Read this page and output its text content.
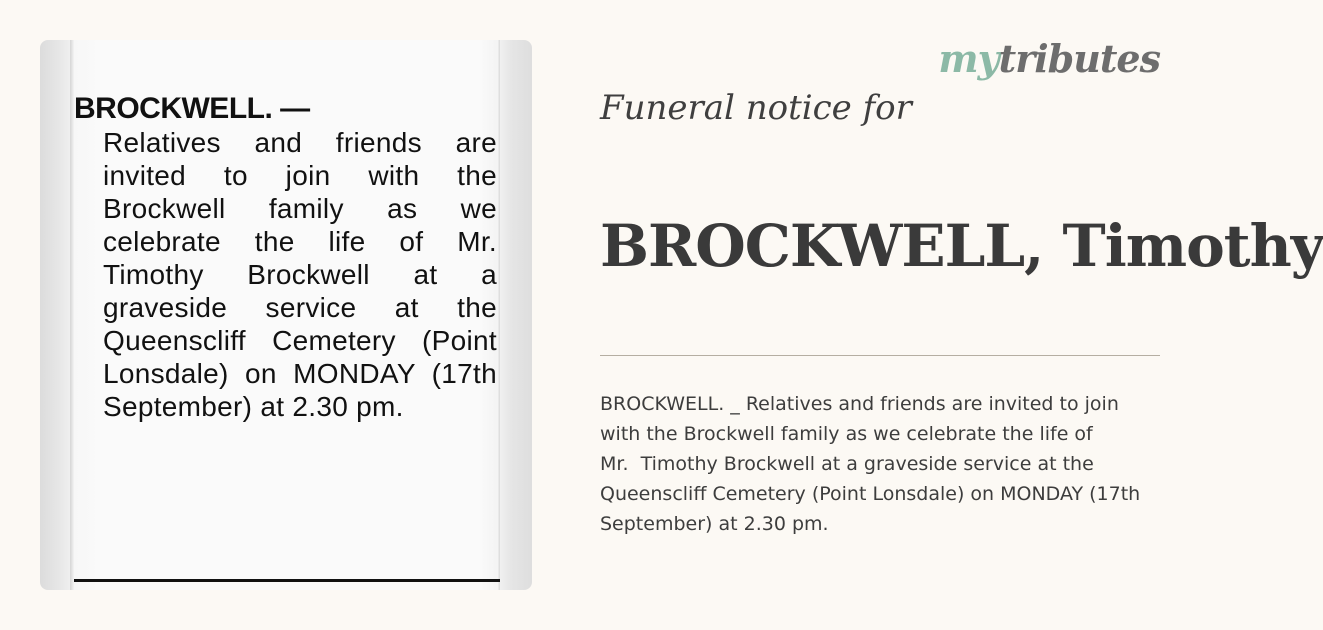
BROCKWELL. —
Relatives and friends are invited to join with the Brockwell family as we celebrate the life of Mr. Timothy Brockwell at a graveside service at the Queenscliff Cemetery (Point Lonsdale) on MONDAY (17th September) at 2.30 pm.
mytributes
Funeral notice for
BROCKWELL, Timothy
BROCKWELL. _ Relatives and friends are invited to join
with the Brockwell family as we celebrate the life of
Mr.  Timothy Brockwell at a graveside service at the
Queenscliff Cemetery (Point Lonsdale) on MONDAY (17th
September) at 2.30 pm.
